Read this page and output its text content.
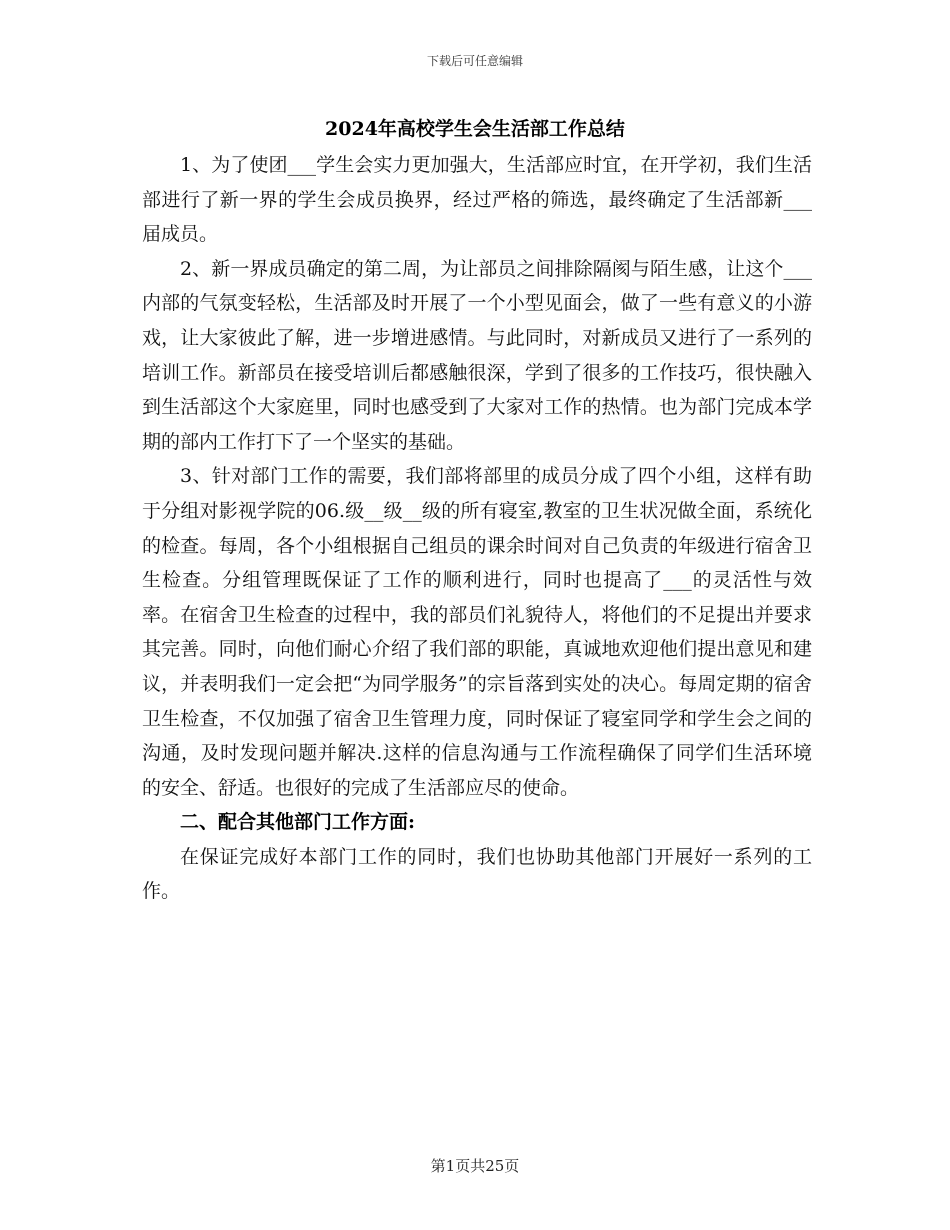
下载后可任意编辑
2024年高校学生会生活部工作总结

1、为了使团___学生会实力更加强大，生活部应时宜，在开学初，我们生活部进行了新一界的学生会成员换界，经过严格的筛选，最终确定了生活部新___届成员。

2、新一界成员确定的第二周，为让部员之间排除隔阂与陌生感，让这个___内部的气氛变轻松，生活部及时开展了一个小型见面会，做了一些有意义的小游戏，让大家彼此了解，进一步增进感情。与此同时，对新成员又进行了一系列的培训工作。新部员在接受培训后都感触很深，学到了很多的工作技巧，很快融入到生活部这个大家庭里，同时也感受到了大家对工作的热情。也为部门完成本学期的部内工作打下了一个坚实的基础。

3、针对部门工作的需要，我们部将部里的成员分成了四个小组，这样有助于分组对影视学院的06.级__级__级的所有寝室,教室的卫生状况做全面，系统化的检查。每周，各个小组根据自己组员的课余时间对自己负责的年级进行宿舍卫生检查。分组管理既保证了工作的顺利进行，同时也提高了___的灵活性与效率。在宿舍卫生检查的过程中，我的部员们礼貌待人，将他们的不足提出并要求其完善。同时，向他们耐心介绍了我们部的职能，真诚地欢迎他们提出意见和建议，并表明我们一定会把“为同学服务”的宗旨落到实处的决心。每周定期的宿舍卫生检查，不仅加强了宿舍卫生管理力度，同时保证了寝室同学和学生会之间的沟通，及时发现问题并解决.这样的信息沟通与工作流程确保了同学们生活环境的安全、舒适。也很好的完成了生活部应尽的使命。

二、配合其他部门工作方面:

在保证完成好本部门工作的同时，我们也协助其他部门开展好一系列的工作。

第1页共25页
